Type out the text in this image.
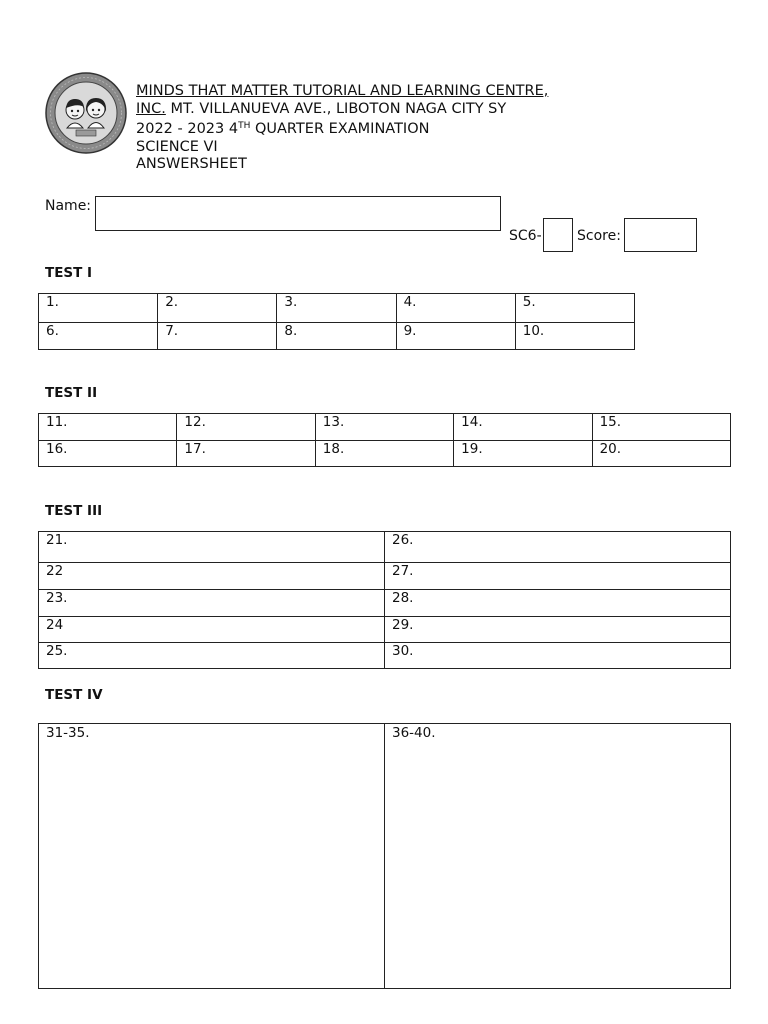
MINDS THAT MATTER TUTORIAL AND LEARNING CENTRE,
INC. MT. VILLANUEVA AVE., LIBOTON NAGA CITY SY
2022 - 2023 4TH QUARTER EXAMINATION
SCIENCE VI
ANSWERSHEET
Name:
SC6-	Score:
TEST I
1.	2.	3.	4.	5.
6.	7.	8.	9.	10.
TEST II
11.	12.	13.	14.	15.
16.	17.	18.	19.	20.
TEST III
21.	26.
22	27.
23.	28.
24	29.
25.	30.
TEST IV
31-35.	36-40.
